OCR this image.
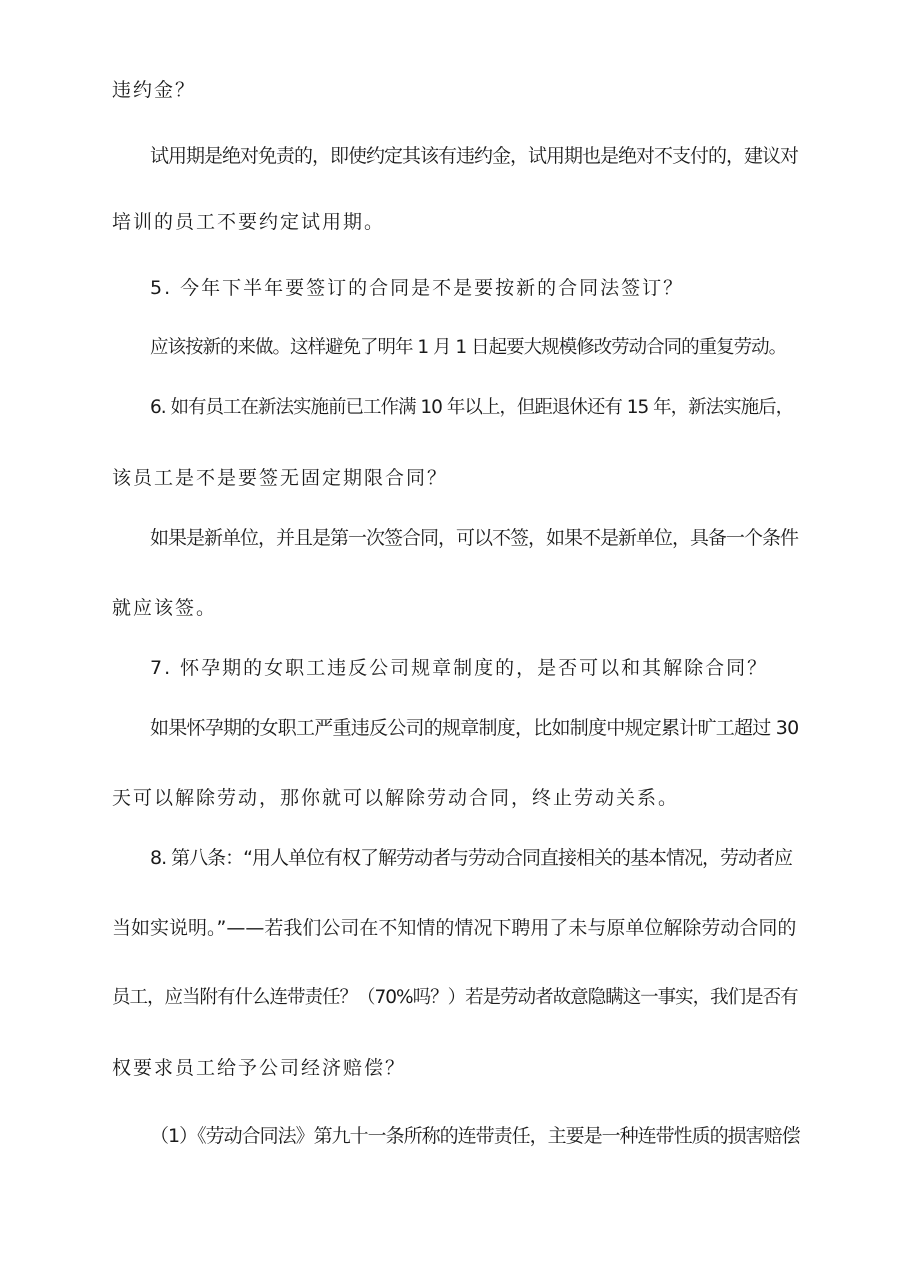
违约金？
试用期是绝对免责的，即使约定其该有违约金，试用期也是绝对不支付的，建议对
培训的员工不要约定试用期。
5. 今年下半年要签订的合同是不是要按新的合同法签订？
应该按新的来做。这样避免了明年 1 月 1 日起要大规模修改劳动合同的重复劳动。
6. 如有员工在新法实施前已工作满 10 年以上，但距退休还有 15 年，新法实施后，
该员工是不是要签无固定期限合同？
如果是新单位，并且是第一次签合同，可以不签，如果不是新单位，具备一个条件
就应该签。
7. 怀孕期的女职工违反公司规章制度的，是否可以和其解除合同？
如果怀孕期的女职工严重违反公司的规章制度，比如制度中规定累计旷工超过 30
天可以解除劳动，那你就可以解除劳动合同，终止劳动关系。
8. 第八条：“用人单位有权了解劳动者与劳动合同直接相关的基本情况，劳动者应
当如实说明。”——若我们公司在不知情的情况下聘用了未与原单位解除劳动合同的
员工，应当附有什么连带责任？（70%吗？）若是劳动者故意隐瞒这一事实，我们是否有
权要求员工给予公司经济赔偿？
（1）《劳动合同法》第九十一条所称的连带责任，主要是一种连带性质的损害赔偿
